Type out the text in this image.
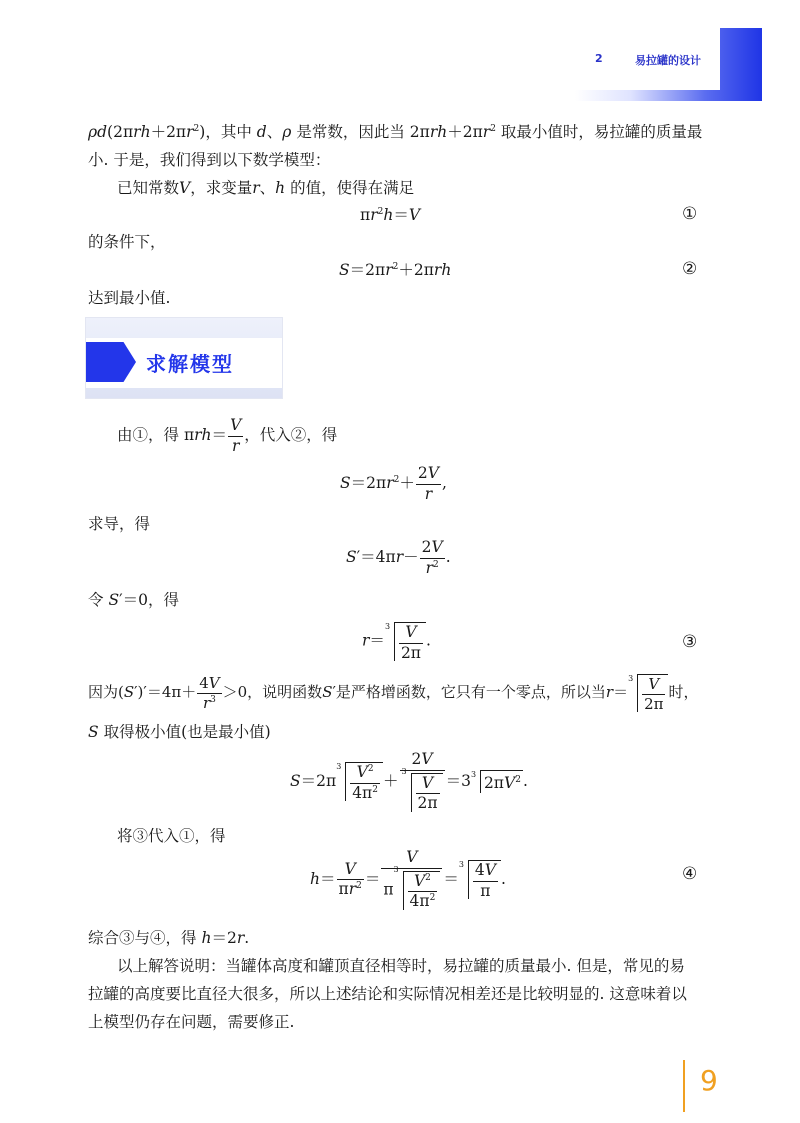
2	易拉罐的设计
$\rho d(2\pi rh+2\pi r^2)$，其中 d、ρ 是常数，因此当 $2\pi rh+2\pi r^2$ 取最小值时，易拉罐的质量最
小. 于是，我们得到以下数学模型：
已知常数V，求变量r、h 的值，使得在满足
$\pi r^2h=V$	①
的条件下，
$S=2\pi r^2+2\pi rh$	②
达到最小值.
求解模型
由①，得 $\pi rh= \frac{V}{r}$ ，代入②，得
$S=2\pi r^2+ \frac{2V}{r}$ ,
求导，得
$S'=4\pi r- \frac{2V}{r^2}$ .
令 S′＝0，得
r＝
$3 \frac{V}{2\pi}$ .	③
因为$(S')'=4\pi+ \frac{4V}{r^3} >0$，说明函数S′是严格增函数，它只有一个零点，所以当r＝
$3 \frac{V}{2\pi}$ 时，
S 取得极小值(也是最小值)
S＝2π
$3 \frac{V^2}{4\pi^2} + 2V$
3
$\frac{V}{2\pi} =3$ 3 $2\pi V^2$ .
将③代入①，得
$h= \frac{V}{\pi r^2} = V$
π
3
$\frac{V^2}{4\pi^2}$ ＝
$3 \frac{4V}{\pi}$ .	④
综合③与④，得 h＝2r.
以上解答说明：当罐体高度和罐顶直径相等时，易拉罐的质量最小. 但是，常见的易
拉罐的高度要比直径大很多，所以上述结论和实际情况相差还是比较明显的. 这意味着以
上模型仍存在问题，需要修正.
9
